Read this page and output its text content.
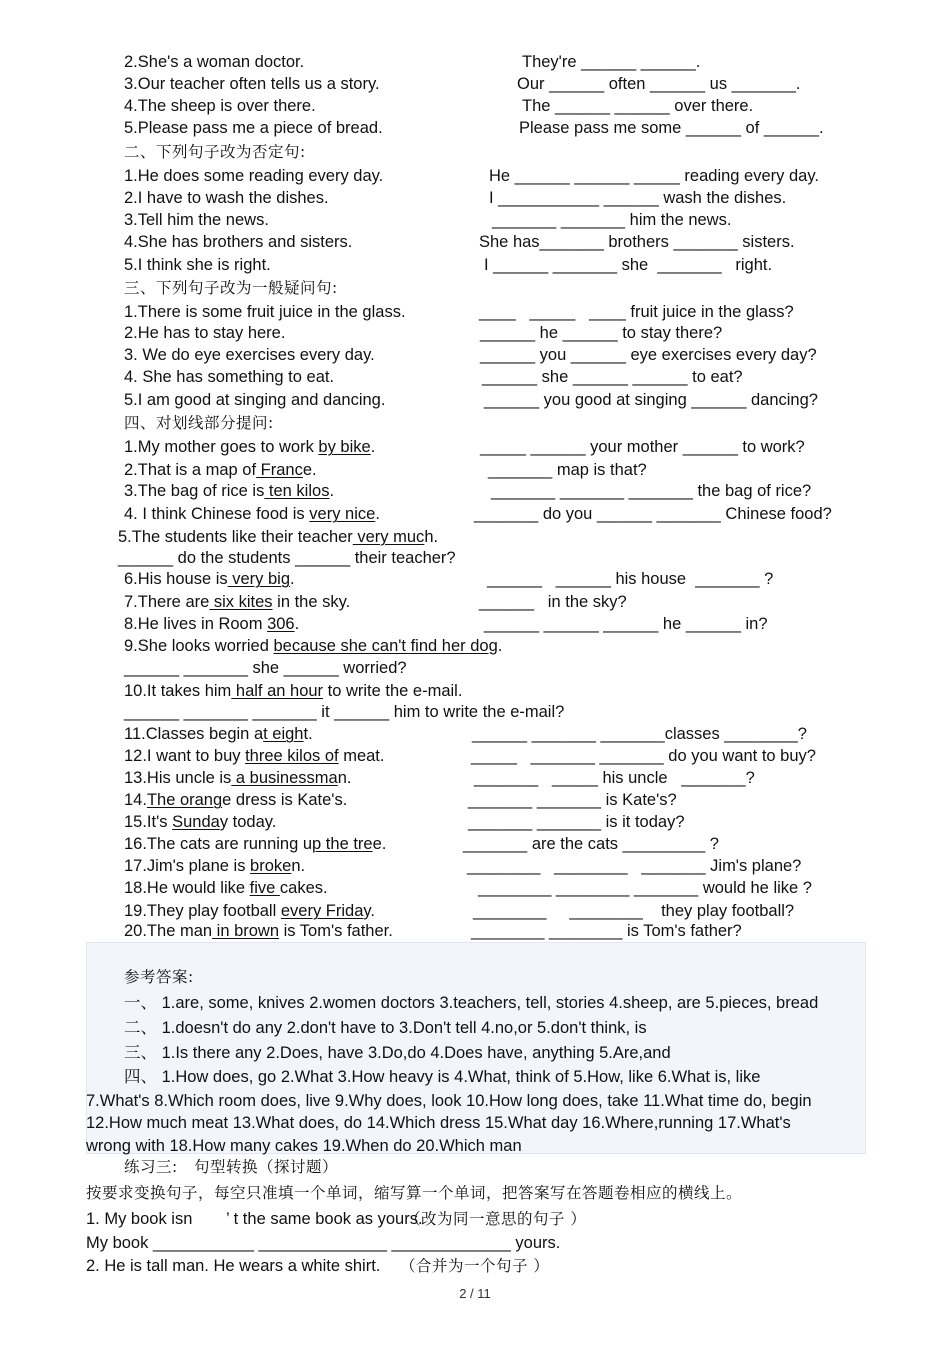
2.She's a woman doctor.	They're ______ ______.
3.Our teacher often tells us a story.	Our ______ often ______ us _______.
4.The sheep is over there.	The ______ ______ over there.
5.Please pass me a piece of bread.	Please pass me some ______ of ______.
二、下列句子改为否定句:
1.He does some reading every day.	He ______ ______ _____ reading every day.
2.I have to wash the dishes.	I ___________ ______ wash the dishes.
3.Tell him the news.	_______ _______ him the news.
4.She has brothers and sisters.	She has_______ brothers _______ sisters.
5.I think she is right.	I ______ _______ she  _______   right.
三、下列句子改为一般疑问句:
1.There is some fruit juice in the glass.	____   _____   ____ fruit juice in the glass?
2.He has to stay here.	______ he ______ to stay there?
3. We do eye exercises every day.	______ you ______ eye exercises every day?
4. She has something to eat.	______ she ______ ______ to eat?
5.I am good at singing and dancing.	______ you good at singing ______ dancing?
四、对划线部分提问:
1.My mother goes to work by bike.	_____ ______ your mother ______ to work?
2.That is a map of France.	_______ map is that?
3.The bag of rice is ten kilos.	_______ _______ _______ the bag of rice?
4. I think Chinese food is very nice.	_______ do you ______ _______ Chinese food?
5.The students like their teacher very much.
______ do the students ______ their teacher?
6.His house is very big.	______   ______ his house  _______ ?
7.There are six kites in the sky.	______   in the sky?
8.He lives in Room 306.	______ ______ ______ he ______ in?
9.She looks worried because she can't find her dog.
______ _______ she ______ worried?
10.It takes him half an hour to write the e-mail.
______ _______ _______ it ______ him to write the e-mail?
11.Classes begin at eight.	______ _______ _______classes ________?
12.I want to buy three kilos of meat.	_____   _______ _______ do you want to buy?
13.His uncle is a businessman.	_______   _____ his uncle   _______?
14.The orange dress is Kate's.	_______ _______ is Kate's?
15.It's Sunday today.	_______ _______ is it today?
16.The cats are running up the tree.	_______ are the cats _________ ?
17.Jim's plane is broken.	________   ________   _______ Jim's plane?
18.He would like five cakes.	________ ________ _______ would he like ?
19.They play football every Friday.	________     ________    they play football?
20.The man in brown is Tom's father.	________ ________ is Tom's father?
参考答案:
一、 1.are, some, knives 2.women doctors 3.teachers, tell, stories 4.sheep, are 5.pieces, bread
二、 1.doesn't do any 2.don't have to 3.Don't tell 4.no,or 5.don't think, is
三、 1.Is there any 2.Does, have 3.Do,do 4.Does have, anything 5.Are,and
四、 1.How does, go 2.What 3.How heavy is 4.What, think of 5.How, like 6.What is, like
7.What's 8.Which room does, live 9.Why does, look 10.How long does, take 11.What time do, begin
12.How much meat 13.What does, do 14.Which dress 15.What day 16.Where,running 17.What's
wrong with 18.How many cakes 19.When do 20.Which man
练习三:   句型转换（探讨题）
按要求变换句子，每空只准填一个单词，缩写算一个单词，把答案写在答题卷相应的横线上。
1. My book isn ’ t the same book as yours.
（改为同一意思的句子 ）
My book ___________ ______________ _____________ yours.
2. He is tall man. He wears a white shirt. （合并为一个句子 ）
2 / 11
